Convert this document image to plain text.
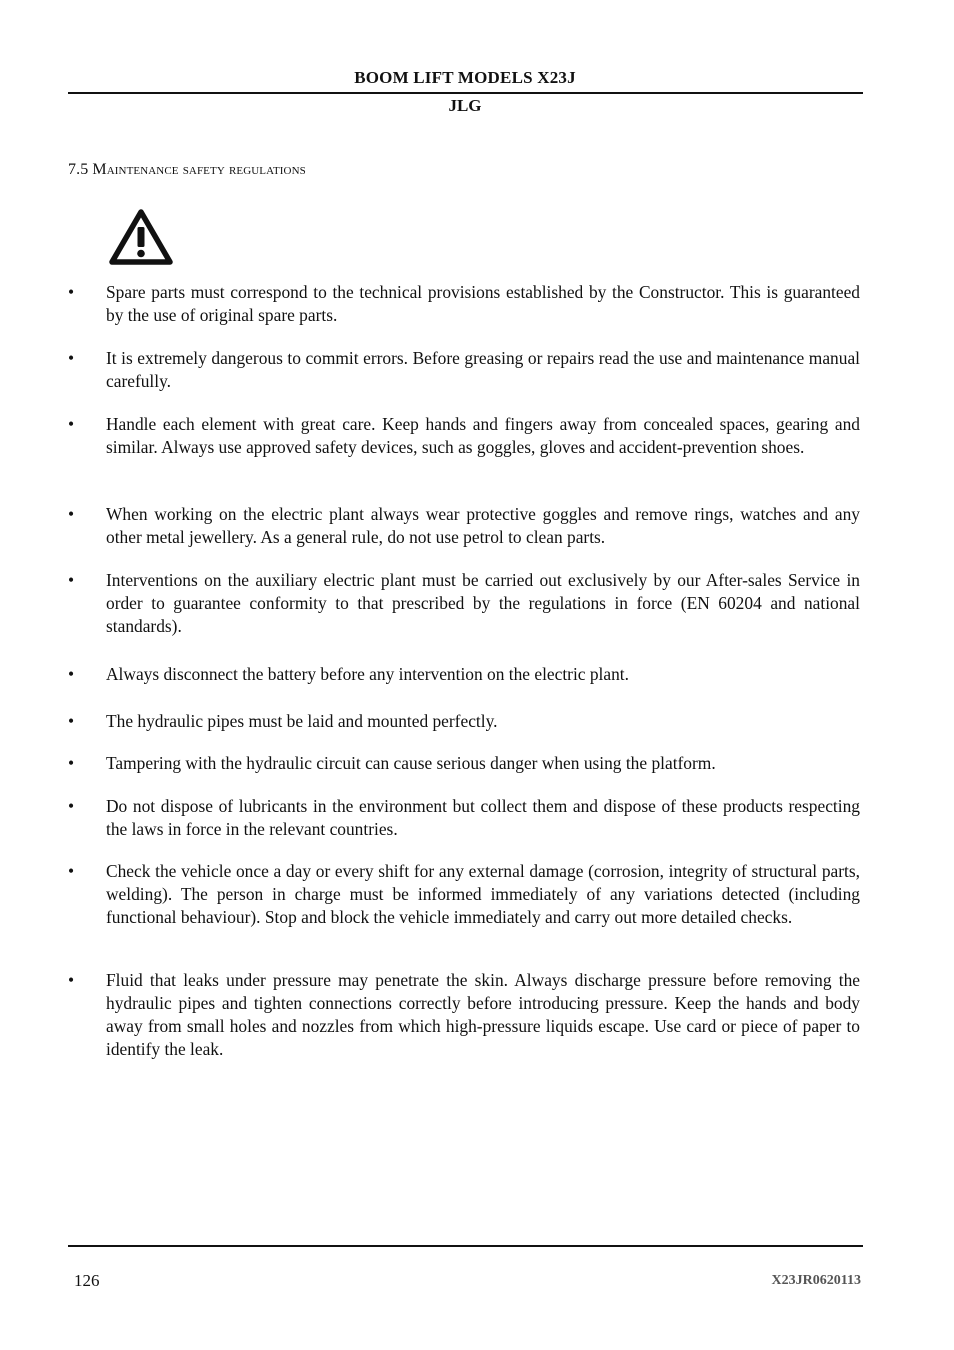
BOOM LIFT MODELS X23J
JLG
7.5 Maintenance safety regulations
•	Spare parts must correspond to the technical provisions established by the Constructor. This is guaranteed by the use of original spare parts.
•	It is extremely dangerous to commit errors. Before greasing or repairs read the use and maintenance manual carefully.
•	Handle each element with great care. Keep hands and fingers away from concealed spaces, gearing and similar. Always use approved safety devices, such as goggles, gloves and accident-prevention shoes.
•	When working on the electric plant always wear protective goggles and remove rings, watches and any other metal jewellery. As a general rule, do not use petrol to clean parts.
•	Interventions on the auxiliary electric plant must be carried out exclusively by our After-sales Service in order to guarantee conformity to that prescribed by the regulations in force (EN 60204 and national standards).
•	Always disconnect the battery before any intervention on the electric plant.
•	The hydraulic pipes must be laid and mounted perfectly.
•	Tampering with the hydraulic circuit can cause serious danger when using the platform.
•	Do not dispose of lubricants in the environment but collect them and dispose of these products respecting the laws in force in the relevant countries.
•	Check the vehicle once a day or every shift for any external damage (corrosion, integrity of structural parts, welding). The person in charge must be informed immediately of any variations detected (including functional behaviour). Stop and block the vehicle immediately and carry out more detailed checks.
•	Fluid that leaks under pressure may penetrate the skin. Always discharge pressure before removing the hydraulic pipes and tighten connections correctly before introducing pressure. Keep the hands and body away from small holes and nozzles from which high-pressure liquids escape. Use card or piece of paper to identify the leak.
126	X23JR0620113
